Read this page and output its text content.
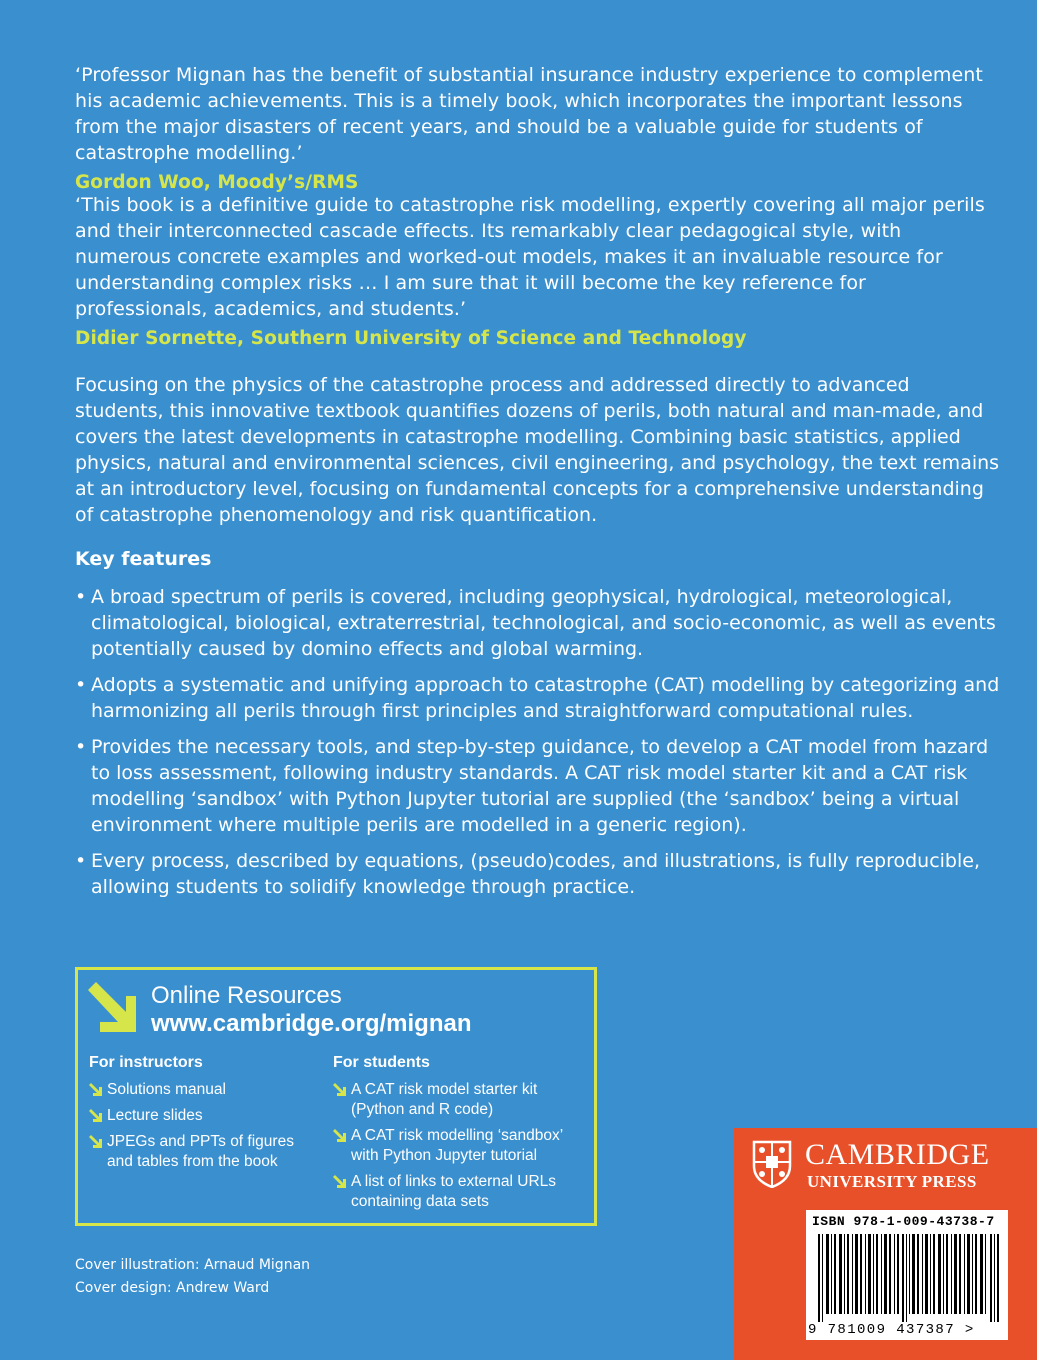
‘Professor Mignan has the benefit of substantial insurance industry experience to complement his academic achievements. This is a timely book, which incorporates the important lessons from the major disasters of recent years, and should be a valuable guide for students of catastrophe modelling.’
Gordon Woo, Moody’s/RMS
‘This book is a definitive guide to catastrophe risk modelling, expertly covering all major perils and their interconnected cascade effects. Its remarkably clear pedagogical style, with numerous concrete examples and worked-out models, makes it an invaluable resource for understanding complex risks … I am sure that it will become the key reference for professionals, academics, and students.’
Didier Sornette, Southern University of Science and Technology
Focusing on the physics of the catastrophe process and addressed directly to advanced students, this innovative textbook quantifies dozens of perils, both natural and man-made, and covers the latest developments in catastrophe modelling. Combining basic statistics, applied physics, natural and environmental sciences, civil engineering, and psychology, the text remains at an introductory level, focusing on fundamental concepts for a comprehensive understanding of catastrophe phenomenology and risk quantification.
Key features
• A broad spectrum of perils is covered, including geophysical, hydrological, meteorological, climatological, biological, extraterrestrial, technological, and socio-economic, as well as events potentially caused by domino effects and global warming.
• Adopts a systematic and unifying approach to catastrophe (CAT) modelling by categorizing and harmonizing all perils through first principles and straightforward computational rules.
• Provides the necessary tools, and step-by-step guidance, to develop a CAT model from hazard to loss assessment, following industry standards. A CAT risk model starter kit and a CAT risk modelling ‘sandbox’ with Python Jupyter tutorial are supplied (the ‘sandbox’ being a virtual environment where multiple perils are modelled in a generic region).
• Every process, described by equations, (pseudo)codes, and illustrations, is fully reproducible, allowing students to solidify knowledge through practice.
Online Resources
www.cambridge.org/mignan
For instructors
Solutions manual
Lecture slides
JPEGs and PPTs of figures and tables from the book
For students
A CAT risk model starter kit (Python and R code)
A CAT risk modelling ‘sandbox’ with Python Jupyter tutorial
A list of links to external URLs containing data sets
Cover illustration: Arnaud Mignan
Cover design: Andrew Ward
CAMBRIDGE
UNIVERSITY PRESS
ISBN 978-1-009-43738-7
9 781009 437387 >
